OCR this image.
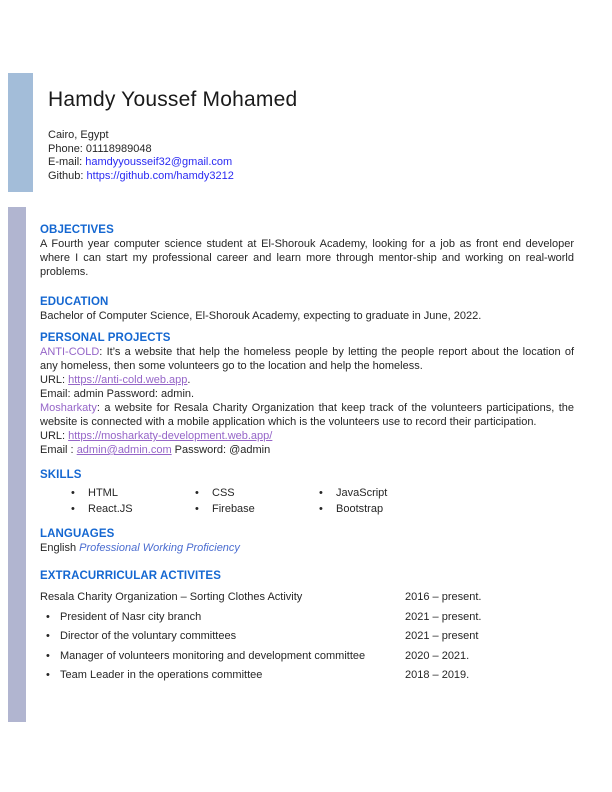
Hamdy Youssef Mohamed
Cairo, Egypt
Phone: 01118989048
E-mail: hamdyyousseif32@gmail.com
Github: https://github.com/hamdy3212
OBJECTIVES

A Fourth year computer science student at El-Shorouk Academy, looking for a job as front end developer where I can start my professional career and learn more through mentor-ship and working on real-world problems.

EDUCATION

Bachelor of Computer Science, El-Shorouk Academy, expecting to graduate in June, 2022.

PERSONAL PROJECTS

ANTI-COLD: It’s a website that help the homeless people by letting the people report about the location of any homeless, then some volunteers go to the location and help the homeless.

URL: https://anti-cold.web.app.

Email: admin Password: admin.

Mosharkaty: a website for Resala Charity Organization that keep track of the volunteers participations, the website is connected with a mobile application which is the volunteers use to record their participation.

URL: https://mosharkaty-development.web.app/

Email : admin@admin.com Password: @admin

SKILLS
•	HTML	•	CSS	•	JavaScript
•	React.JS	•	Firebase	•	Bootstrap
LANGUAGES

English Professional Working Proficiency

EXTRACURRICULAR ACTIVITES
Resala Charity Organization – Sorting Clothes Activity	2016 – present.
• President of Nasr city branch	2021 – present.
• Director of the voluntary committees	2021 – present
• Manager of volunteers monitoring and development committee	2020 – 2021.
• Team Leader in the operations committee	2018 – 2019.
